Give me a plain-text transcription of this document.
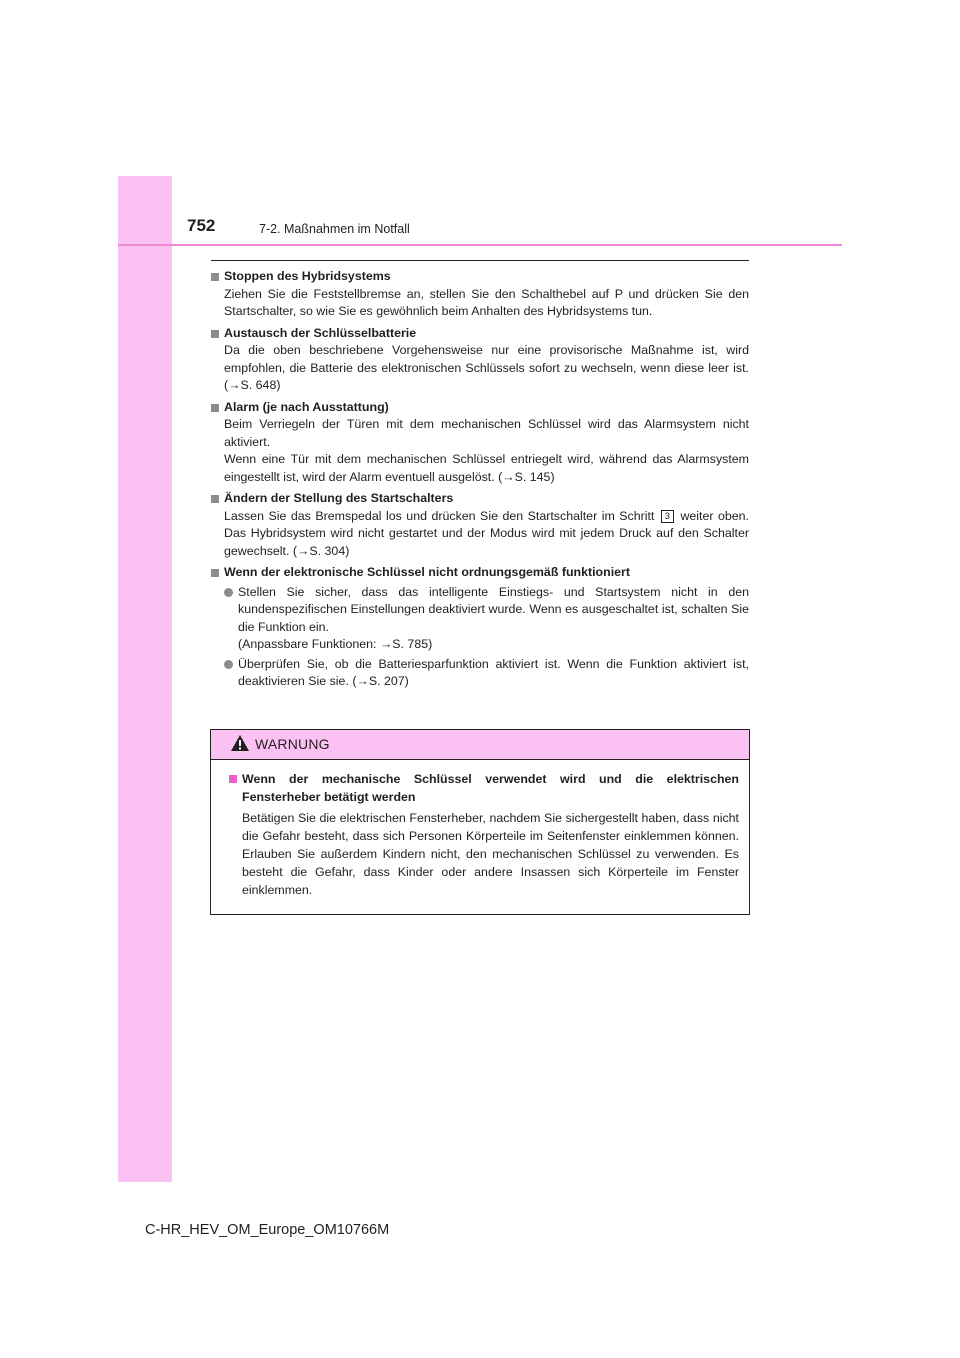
752	7-2. Maßnahmen im Notfall
Stoppen des Hybridsystems

Ziehen Sie die Feststellbremse an, stellen Sie den Schalthebel auf P und drücken Sie den Startschalter, so wie Sie es gewöhnlich beim Anhalten des Hybridsystems tun.

Austausch der Schlüsselbatterie

Da die oben beschriebene Vorgehensweise nur eine provisorische Maßnahme ist, wird empfohlen, die Batterie des elektronischen Schlüssels sofort zu wechseln, wenn diese leer ist. (→S. 648)

Alarm (je nach Ausstattung)

Beim Verriegeln der Türen mit dem mechanischen Schlüssel wird das Alarmsystem nicht aktiviert.

Wenn eine Tür mit dem mechanischen Schlüssel entriegelt wird, während das Alarmsystem eingestellt ist, wird der Alarm eventuell ausgelöst. (→S. 145)

Ändern der Stellung des Startschalters

Lassen Sie das Bremspedal los und drücken Sie den Startschalter im Schritt 3 weiter oben. Das Hybridsystem wird nicht gestartet und der Modus wird mit jedem Druck auf den Schalter gewechselt. (→S. 304)

Wenn der elektronische Schlüssel nicht ordnungsgemäß funktioniert

Stellen Sie sicher, dass das intelligente Einstiegs- und Startsystem nicht in den kundenspezifischen Einstellungen deaktiviert wurde. Wenn es ausgeschaltet ist, schalten Sie die Funktion ein.

(Anpassbare Funktionen: →S. 785)

Überprüfen Sie, ob die Batteriesparfunktion aktiviert ist. Wenn die Funktion aktiviert ist, deaktivieren Sie sie. (→S. 207)

WARNUNG
Wenn der mechanische Schlüssel verwendet wird und die elektrischen Fensterheber betätigt werden
Betätigen Sie die elektrischen Fensterheber, nachdem Sie sichergestellt haben, dass nicht die Gefahr besteht, dass sich Personen Körperteile im Seitenfenster einklemmen können. Erlauben Sie außerdem Kindern nicht, den mechanischen Schlüssel zu verwenden. Es besteht die Gefahr, dass Kinder oder andere Insassen sich Körperteile im Fenster einklemmen.
C-HR_HEV_OM_Europe_OM10766M
